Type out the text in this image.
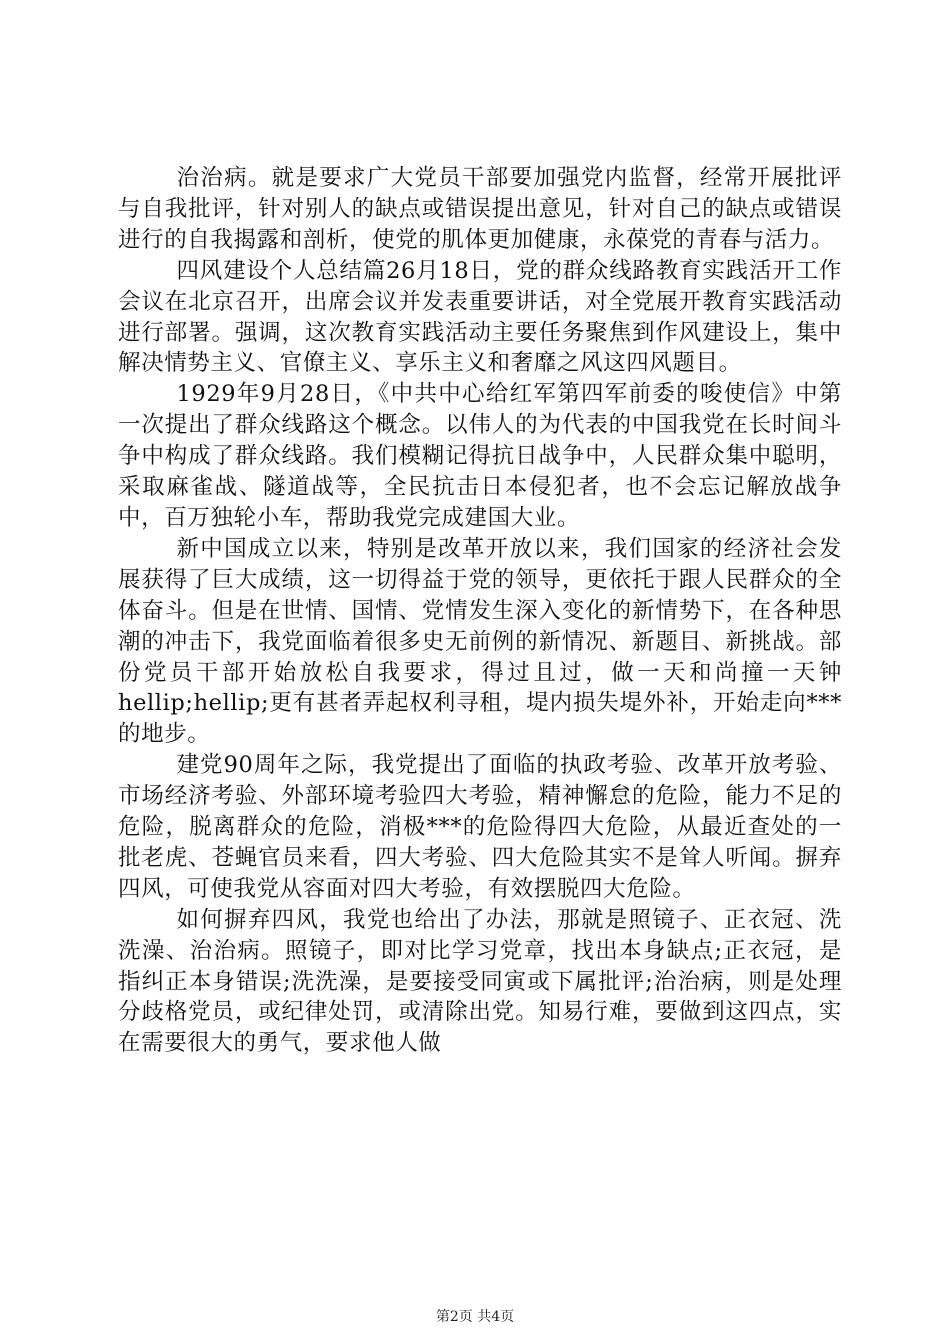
治治病。就是要求广大党员干部要加强党内监督，经常开展批评与自我批评，针对别人的缺点或错误提出意见，针对自己的缺点或错误进行的自我揭露和剖析，使党的肌体更加健康，永葆党的青春与活力。

四风建设个人总结篇26月18日，党的群众线路教育实践活开工作会议在北京召开，出席会议并发表重要讲话，对全党展开教育实践活动进行部署。强调，这次教育实践活动主要任务聚焦到作风建设上，集中解决情势主义、官僚主义、享乐主义和奢靡之风这四风题目。

1929年9月28日，《中共中心给红军第四军前委的唆使信》中第一次提出了群众线路这个概念。以伟人的为代表的中国我党在长时间斗争中构成了群众线路。我们模糊记得抗日战争中，人民群众集中聪明，采取麻雀战、隧道战等，全民抗击日本侵犯者，也不会忘记解放战争中，百万独轮小车，帮助我党完成建国大业。

新中国成立以来，特别是改革开放以来，我们国家的经济社会发展获得了巨大成绩，这一切得益于党的领导，更依托于跟人民群众的全体奋斗。但是在世情、国情、党情发生深入变化的新情势下，在各种思潮的冲击下，我党面临着很多史无前例的新情况、新题目、新挑战。部份党员干部开始放松自我要求，得过且过，做一天和尚撞一天钟hellip;hellip;更有甚者弄起权利寻租，堤内损失堤外补，开始走向***的地步。

建党90周年之际，我党提出了面临的执政考验、改革开放考验、市场经济考验、外部环境考验四大考验，精神懈怠的危险，能力不足的危险，脱离群众的危险，消极***的危险得四大危险，从最近查处的一批老虎、苍蝇官员来看，四大考验、四大危险其实不是耸人听闻。摒弃四风，可使我党从容面对四大考验，有效摆脱四大危险。

如何摒弃四风，我党也给出了办法，那就是照镜子、正衣冠、洗洗澡、治治病。照镜子，即对比学习党章，找出本身缺点;正衣冠，是指纠正本身错误;洗洗澡，是要接受同寅或下属批评;治治病，则是处理分歧格党员，或纪律处罚，或清除出党。知易行难，要做到这四点，实在需要很大的勇气，要求他人做

第2页 共4页
